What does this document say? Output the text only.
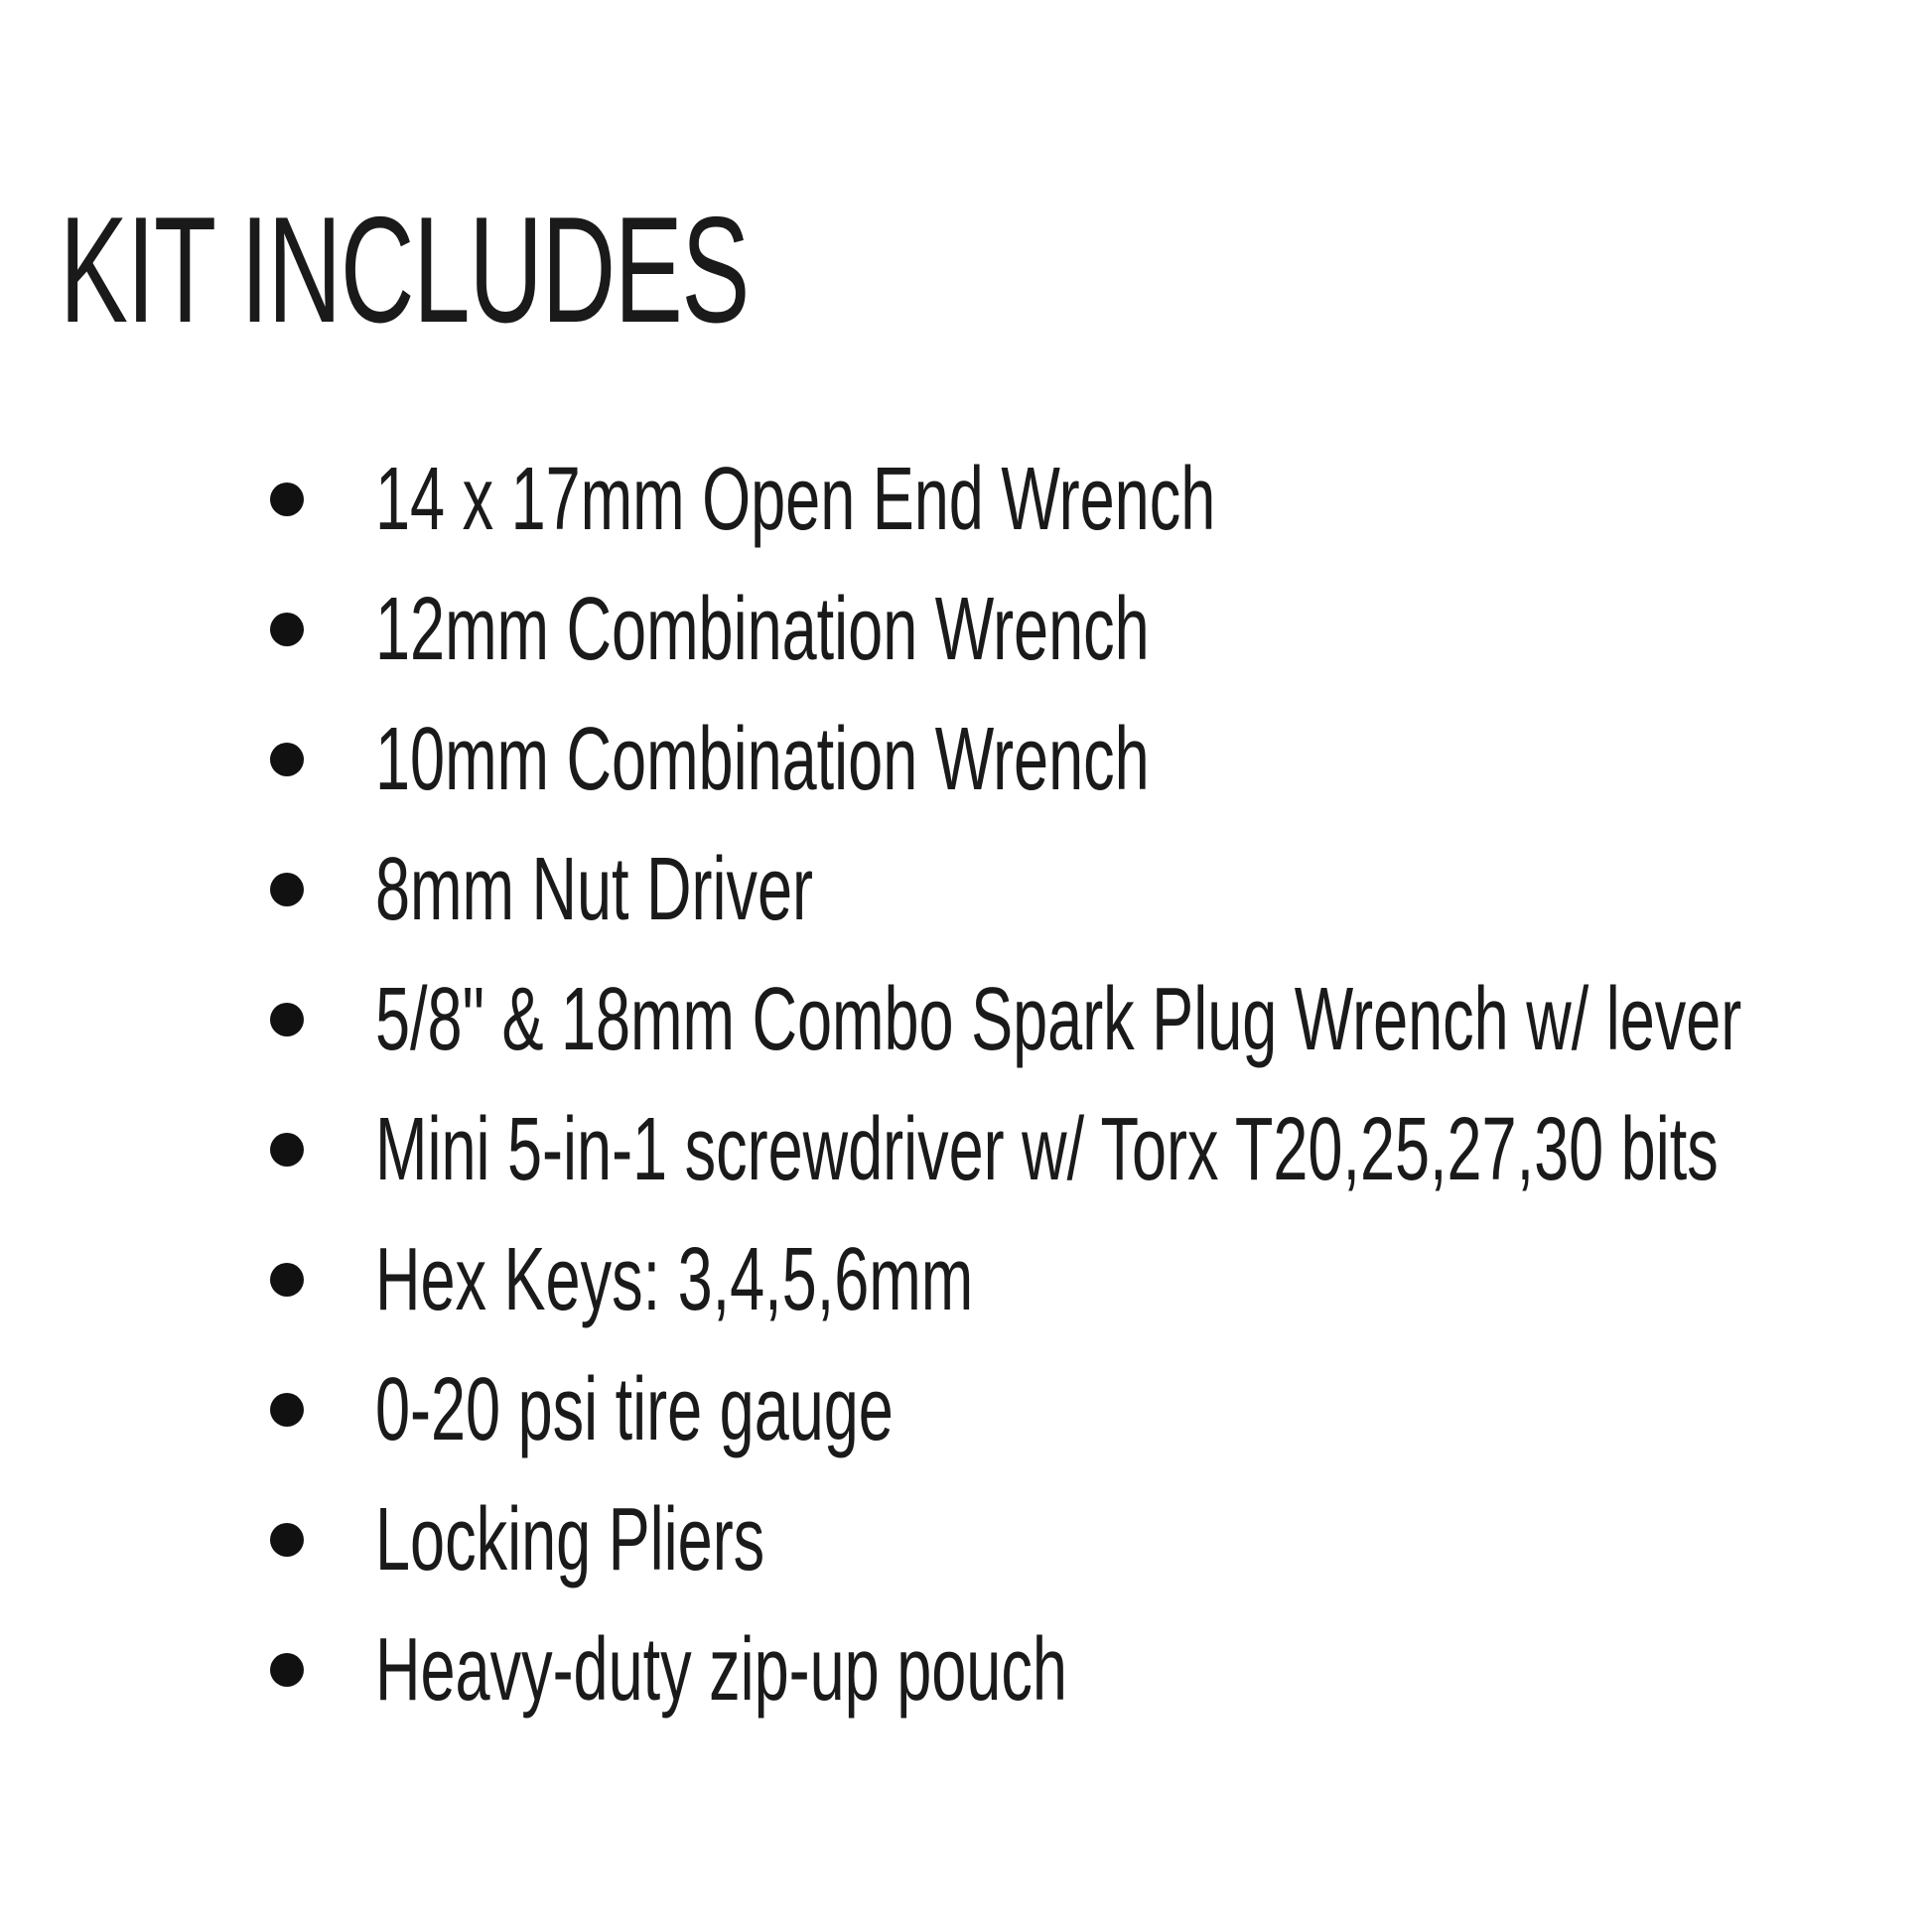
KIT INCLUDES
14 x 17mm Open End Wrench
12mm Combination Wrench
10mm Combination Wrench
8mm Nut Driver
5/8" & 18mm Combo Spark Plug Wrench w/ lever
Mini 5-in-1 screwdriver w/ Torx T20,25,27,30 bits
Hex Keys: 3,4,5,6mm
0-20 psi tire gauge
Locking Pliers
Heavy-duty zip-up pouch
